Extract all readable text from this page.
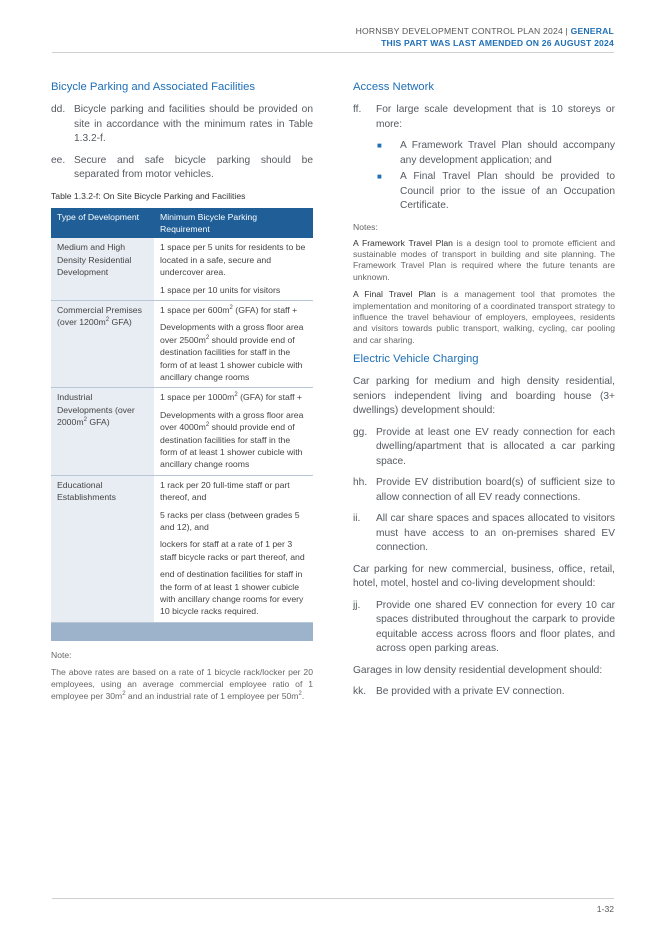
HORNSBY DEVELOPMENT CONTROL PLAN 2024 | GENERAL
THIS PART WAS LAST AMENDED ON 26 AUGUST 2024
Bicycle Parking and Associated Facilities
dd. Bicycle parking and facilities should be provided on site in accordance with the minimum rates in Table 1.3.2-f.
ee. Secure and safe bicycle parking should be separated from motor vehicles.
Table 1.3.2-f: On Site Bicycle Parking and Facilities
Type of Development	Minimum Bicycle Parking Requirement
Medium and High Density Residential Development	1 space per 5 units for residents to be located in a safe, secure and undercover area.

1 space per 10 units for visitors

Commercial Premises (over $1200m^2$ GFA)	1 space per $600m^2$ (GFA) for staff +

Developments with a gross floor area over $2500m^2$ should provide end of destination facilities for staff in the form of at least 1 shower cubicle with ancillary change rooms

Industrial Developments (over $2000m^2$ GFA)	1 space per $1000m^2$ (GFA) for staff +

Developments with a gross floor area over $4000m^2$ should provide end of destination facilities for staff in the form of at least 1 shower cubicle with ancillary change rooms

Educational Establishments	1 rack per 20 full-time staff or part thereof, and

5 racks per class (between grades 5 and 12), and

lockers for staff at a rate of 1 per 3 staff bicycle racks or part thereof, and

end of destination facilities for staff in the form of at least 1 shower cubicle with ancillary change rooms for every 10 bicycle racks required.

Note:

The above rates are based on a rate of 1 bicycle rack/locker per 20 employees, using an average commercial employee ratio of 1 employee per $30m^2$ and an industrial rate of 1 employee per $50m^2$.

Access Network
ff.	For large scale development that is 10 storeys or more:
■	A Framework Travel Plan should accompany any development application; and
■	A Final Travel Plan should be provided to Council prior to the issue of an Occupation Certificate.
Notes:

A Framework Travel Plan is a design tool to promote efficient and sustainable modes of transport in building and site planning. The Framework Travel Plan is required where the future tenants are unknown.

A Final Travel Plan is a management tool that promotes the implementation and monitoring of a coordinated transport strategy to influence the travel behaviour of employers, employees, residents and visitors towards public transport, walking, cycling, car pooling and car sharing.

Electric Vehicle Charging

Car parking for medium and high density residential, seniors independent living and boarding house (3+ dwellings) development should:

gg. Provide at least one EV ready connection for each dwelling/apartment that is allocated a car parking space.
hh. Provide EV distribution board(s) of sufficient size to allow connection of all EV ready connections.
ii.	All car share spaces and spaces allocated to visitors must have access to an on-premises shared EV connection.

Car parking for new commercial, business, office, retail, hotel, motel, hostel and co-living development should:

jj.	Provide one shared EV connection for every 10 car spaces distributed throughout the carpark to provide equitable access across floors and floor plates, and across open parking areas.

Garages in low density residential development should:

kk. Be provided with a private EV connection.
1-32
